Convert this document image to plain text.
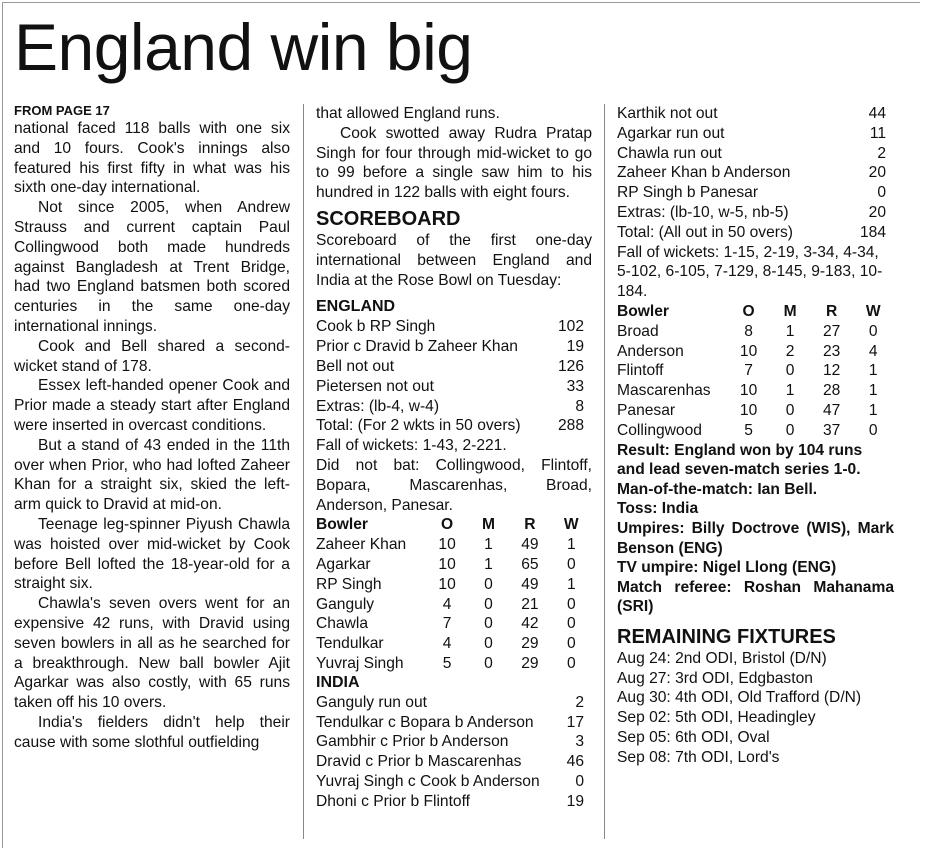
England win big
FROM PAGE 17

national faced 118 balls with one six and 10 fours. Cook's innings also featured his first fifty in what was his sixth one-day international.

Not since 2005, when Andrew Strauss and current captain Paul Collingwood both made hundreds against Bangladesh at Trent Bridge, had two England batsmen both scored centuries in the same one-day international innings.

Cook and Bell shared a second-wicket stand of 178.

Essex left-handed opener Cook and Prior made a steady start after England were inserted in overcast conditions.

But a stand of 43 ended in the 11th over when Prior, who had lofted Zaheer Khan for a straight six, skied the left-arm quick to Dravid at mid-on.

Teenage leg-spinner Piyush Chawla was hoisted over mid-wicket by Cook before Bell lofted the 18-year-old for a straight six.

Chawla's seven overs went for an expensive 42 runs, with Dravid using seven bowlers in all as he searched for a breakthrough. New ball bowler Ajit Agarkar was also costly, with 65 runs taken off his 10 overs.

India's fielders didn't help their cause with some slothful outfielding

that allowed England runs.

Cook swotted away Rudra Pratap Singh for four through mid-wicket to go to 99 before a single saw him to his hundred in 122 balls with eight fours.

SCOREBOARD

Scoreboard of the first one-day international between England and India at the Rose Bowl on Tuesday:

ENGLAND
Cook b RP Singh	102
Prior c Dravid b Zaheer Khan	19
Bell not out	126
Pietersen not out	33
Extras: (lb-4, w-4)	8
Total: (For 2 wkts in 50 overs) 288
Fall of wickets: 1-43, 2-221.
Did not bat: Collingwood, Flintoff, Bopara, Mascarenhas, Broad, Anderson, Panesar.
Bowler	O	M	R	W
Zaheer Khan	10	1	49	1
Agarkar	10	1	65	0
RP Singh	10	0	49	1
Ganguly	4	0	21	0
Chawla	7	0	42	0
Tendulkar	4	0	29	0
Yuvraj Singh	5	0	29	0
INDIA
Ganguly run out	2
Tendulkar c Bopara b Anderson 17
Gambhir c Prior b Anderson	3
Dravid c Prior b Mascarenhas	46
Yuvraj Singh c Cook b Anderson 0
Dhoni c Prior b Flintoff	19
Karthik not out	44
Agarkar run out	11
Chawla run out	2
Zaheer Khan b Anderson	20
RP Singh b Panesar	0
Extras: (lb-10, w-5, nb-5)	20
Total: (All out in 50 overs)	184
Fall of wickets: 1-15, 2-19, 3-34, 4-34, 5-102, 6-105, 7-129, 8-145, 9-183, 10-184.
Bowler	O	M	R	W
Broad	8	1	27	0
Anderson	10	2	23	4
Flintoff	7	0	12	1
Mascarenhas	10	1	28	1
Panesar	10	0	47	1
Collingwood	5	0	37	0

Result: England won by 104 runs and lead seven-match series 1-0.

Man-of-the-match: Ian Bell.

Toss: India

Umpires: Billy Doctrove (WIS), Mark Benson (ENG)

TV umpire: Nigel Llong (ENG)

Match referee: Roshan Mahanama (SRI)

REMAINING FIXTURES

Aug 24: 2nd ODI, Bristol (D/N)

Aug 27: 3rd ODI, Edgbaston

Aug 30: 4th ODI, Old Trafford (D/N)

Sep 02: 5th ODI, Headingley

Sep 05: 6th ODI, Oval

Sep 08: 7th ODI, Lord's
